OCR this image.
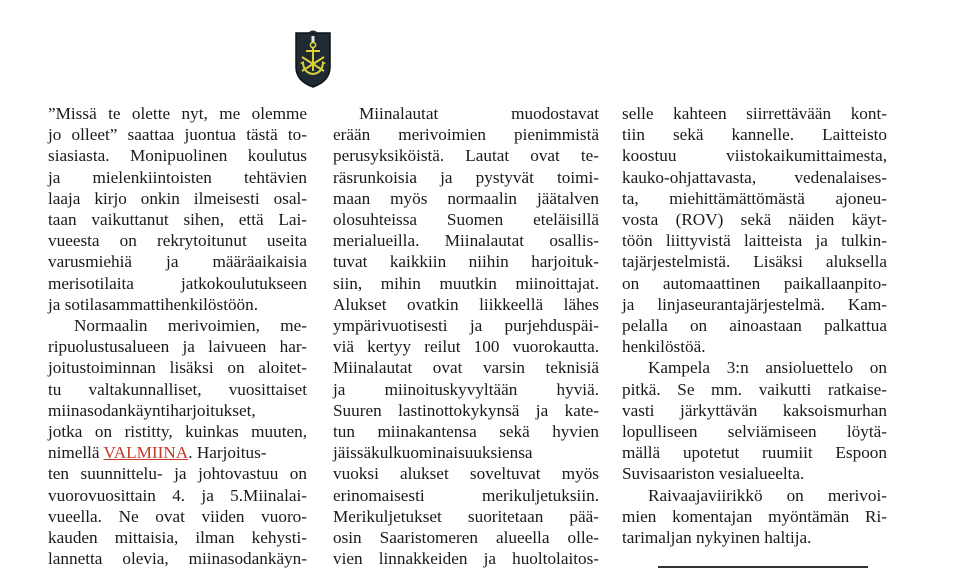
”Missä te olette nyt, me olemme
jo olleet” saattaa juontua tästä to-
siasiasta. Monipuolinen koulutus
ja mielenkiintoisten tehtävien
laaja kirjo onkin ilmeisesti osal-
taan vaikuttanut sihen, että Lai-
vueesta on rekrytoitunut useita
varusmiehiä ja määräaikaisia
merisotilaita jatkokoulutukseen
ja sotilasammattihenkilöstöön.
Normaalin merivoimien, me-
ripuolustusalueen ja laivueen har-
joitustoiminnan lisäksi on aloitet-
tu valtakunnalliset, vuosittaiset
miinasodankäyntiharjoitukset,
jotka on ristitty, kuinkas muuten,
nimellä VALMIINA. Harjoitus-
ten suunnittelu- ja johtovastuu on
vuorovuosittain 4. ja 5.Miinalai-
vueella. Ne ovat viiden vuoro-
kauden mittaisia, ilman kehysti-
lannetta olevia, miinasodankäyn-
Miinalautat muodostavat
erään merivoimien pienimmistä
perusyksiköistä. Lautat ovat te-
räsrunkoisia ja pystyvät toimi-
maan myös normaalin jäätalven
olosuhteissa Suomen eteläisillä
merialueilla. Miinalautat osallis-
tuvat kaikkiin niihin harjoituk-
siin, mihin muutkin miinoittajat.
Alukset ovatkin liikkeellä lähes
ympärivuotisesti ja purjehduspäi-
viä kertyy reilut 100 vuorokautta.
Miinalautat ovat varsin teknisiä
ja miinoituskyvyltään hyviä.
Suuren lastinottokykynsä ja kate-
tun miinakantensa sekä hyvien
jäissäkulkuominaisuuksiensa
vuoksi alukset soveltuvat myös
erinomaisesti merikuljetuksiin.
Merikuljetukset suoritetaan pää-
osin Saaristomeren alueella olle-
vien linnakkeiden ja huoltolaitos-
selle kahteen siirrettävään kont-
tiin sekä kannelle. Laitteisto
koostuu viistokaikumittaimesta,
kauko-ohjattavasta, vedenalaises-
ta, miehittämättömästä ajoneu-
vosta (ROV) sekä näiden käyt-
töön liittyvistä laitteista ja tulkin-
tajärjestelmistä. Lisäksi aluksella
on automaattinen paikallaanpito-
ja linjaseurantajärjestelmä. Kam-
pelalla on ainoastaan palkattua
henkilöstöä.
Kampela 3:n ansioluettelo on
pitkä. Se mm. vaikutti ratkaise-
vasti järkyttävän kaksoismurhan
lopulliseen selviämiseen löytä-
mällä upotetut ruumiit Espoon
Suvisaariston vesialueelta.
Raivaajaviirikkö on merivoi-
mien komentajan myöntämän Ri-
tarimaljan nykyinen haltija.
